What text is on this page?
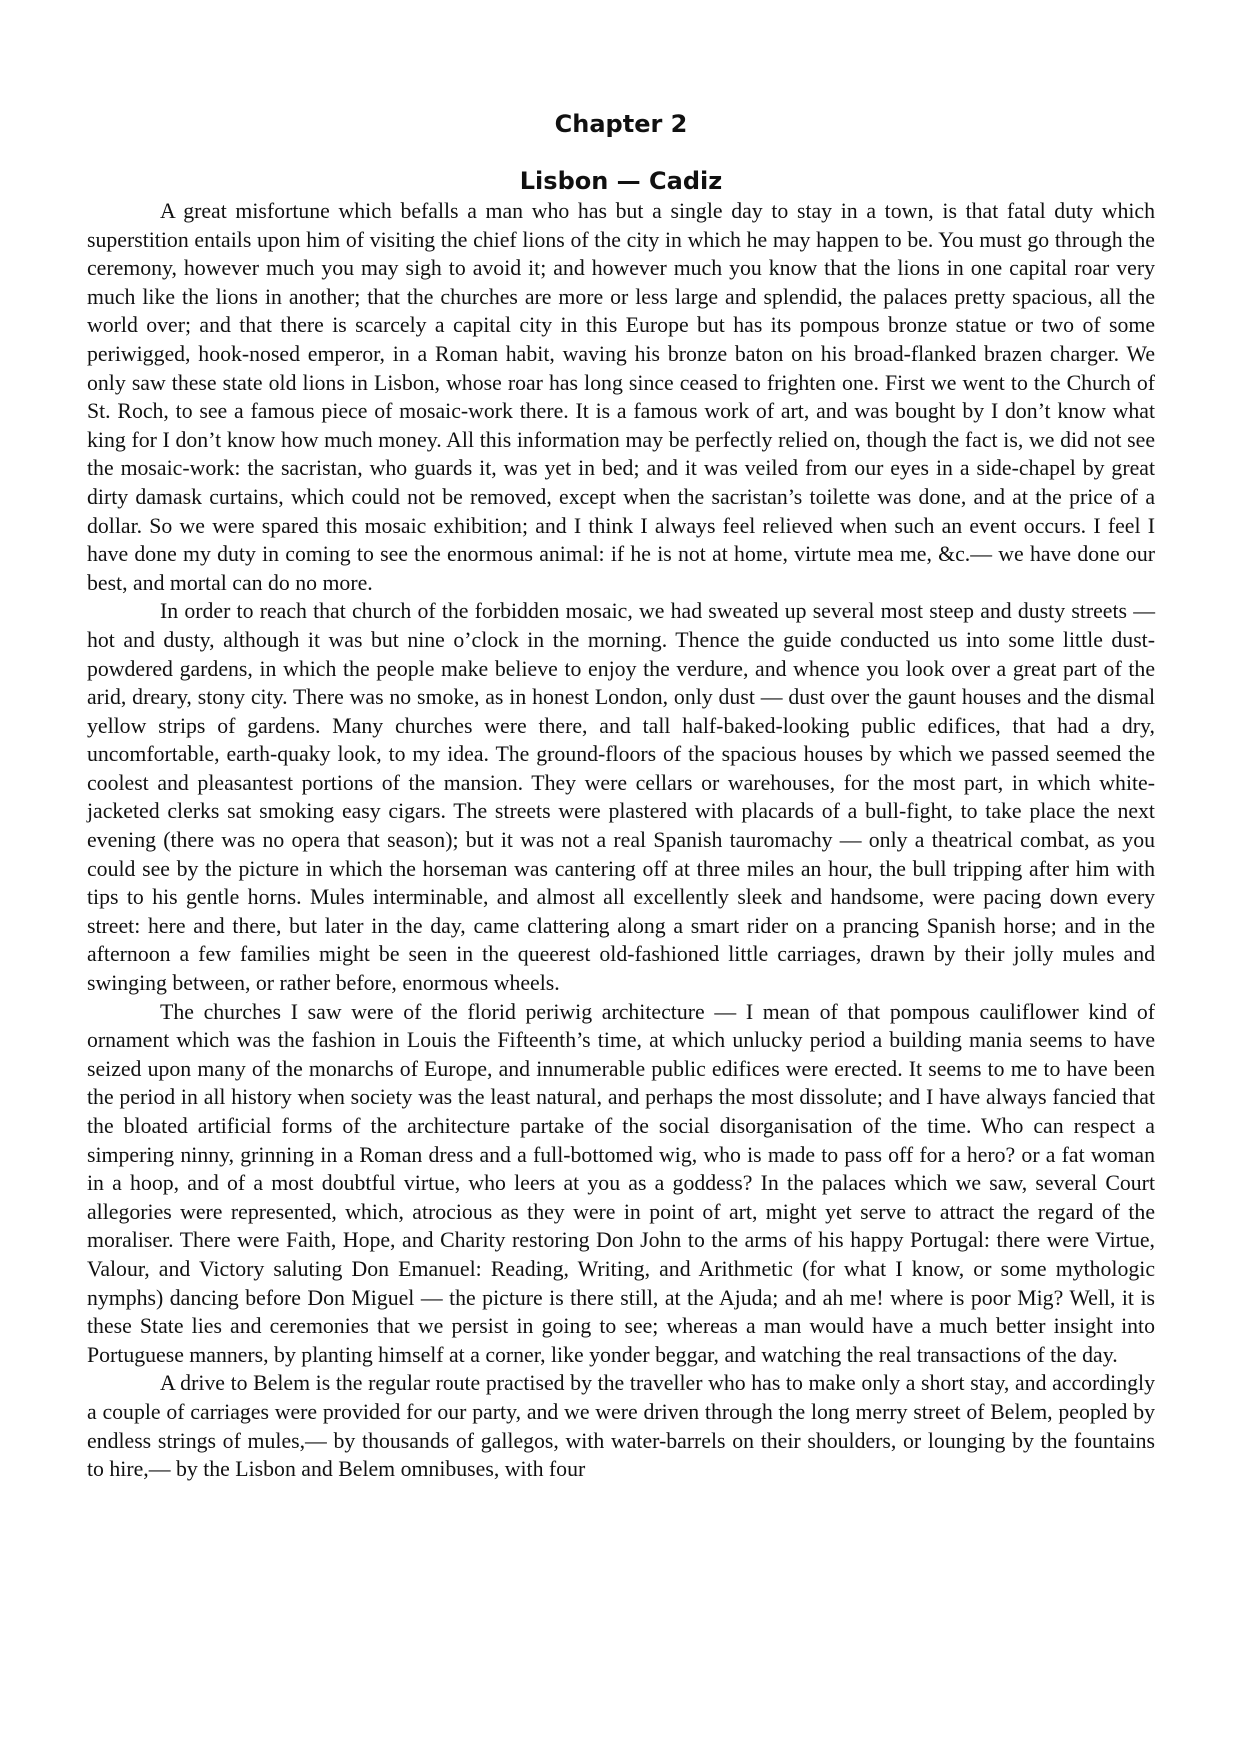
Chapter 2
Lisbon — Cadiz

A great misfortune which befalls a man who has but a single day to stay in a town, is that fatal duty which superstition entails upon him of visiting the chief lions of the city in which he may happen to be. You must go through the ceremony, however much you may sigh to avoid it; and however much you know that the lions in one capital roar very much like the lions in another; that the churches are more or less large and splendid, the palaces pretty spacious, all the world over; and that there is scarcely a capital city in this Europe but has its pompous bronze statue or two of some periwigged, hook-nosed emperor, in a Roman habit, waving his bronze baton on his broad-flanked brazen charger. We only saw these state old lions in Lisbon, whose roar has long since ceased to frighten one. First we went to the Church of St. Roch, to see a famous piece of mosaic-work there. It is a famous work of art, and was bought by I don’t know what king for I don’t know how much money. All this information may be perfectly relied on, though the fact is, we did not see the mosaic-work: the sacristan, who guards it, was yet in bed; and it was veiled from our eyes in a side-chapel by great dirty damask curtains, which could not be removed, except when the sacristan’s toilette was done, and at the price of a dollar. So we were spared this mosaic exhibition; and I think I always feel relieved when such an event occurs. I feel I have done my duty in coming to see the enormous animal: if he is not at home, virtute mea me, &c.— we have done our best, and mortal can do no more.

In order to reach that church of the forbidden mosaic, we had sweated up several most steep and dusty streets — hot and dusty, although it was but nine o’clock in the morning. Thence the guide conducted us into some little dust-powdered gardens, in which the people make believe to enjoy the verdure, and whence you look over a great part of the arid, dreary, stony city. There was no smoke, as in honest London, only dust — dust over the gaunt houses and the dismal yellow strips of gardens. Many churches were there, and tall half-baked-looking public edifices, that had a dry, uncomfortable, earth-quaky look, to my idea. The ground-floors of the spacious houses by which we passed seemed the coolest and pleasantest portions of the mansion. They were cellars or warehouses, for the most part, in which white-jacketed clerks sat smoking easy cigars. The streets were plastered with placards of a bull-fight, to take place the next evening (there was no opera that season); but it was not a real Spanish tauromachy — only a theatrical combat, as you could see by the picture in which the horseman was cantering off at three miles an hour, the bull tripping after him with tips to his gentle horns. Mules interminable, and almost all excellently sleek and handsome, were pacing down every street: here and there, but later in the day, came clattering along a smart rider on a prancing Spanish horse; and in the afternoon a few families might be seen in the queerest old-fashioned little carriages, drawn by their jolly mules and swinging between, or rather before, enormous wheels.

The churches I saw were of the florid periwig architecture — I mean of that pompous cauliflower kind of ornament which was the fashion in Louis the Fifteenth’s time, at which unlucky period a building mania seems to have seized upon many of the monarchs of Europe, and innumerable public edifices were erected. It seems to me to have been the period in all history when society was the least natural, and perhaps the most dissolute; and I have always fancied that the bloated artificial forms of the architecture partake of the social disorganisation of the time. Who can respect a simpering ninny, grinning in a Roman dress and a full-bottomed wig, who is made to pass off for a hero? or a fat woman in a hoop, and of a most doubtful virtue, who leers at you as a goddess? In the palaces which we saw, several Court allegories were represented, which, atrocious as they were in point of art, might yet serve to attract the regard of the moraliser. There were Faith, Hope, and Charity restoring Don John to the arms of his happy Portugal: there were Virtue, Valour, and Victory saluting Don Emanuel: Reading, Writing, and Arithmetic (for what I know, or some mythologic nymphs) dancing before Don Miguel — the picture is there still, at the Ajuda; and ah me! where is poor Mig? Well, it is these State lies and ceremonies that we persist in going to see; whereas a man would have a much better insight into Portuguese manners, by planting himself at a corner, like yonder beggar, and watching the real transactions of the day.

A drive to Belem is the regular route practised by the traveller who has to make only a short stay, and accordingly a couple of carriages were provided for our party, and we were driven through the long merry street of Belem, peopled by endless strings of mules,— by thousands of gallegos, with water-barrels on their shoulders, or lounging by the fountains to hire,— by the Lisbon and Belem omnibuses, with four
